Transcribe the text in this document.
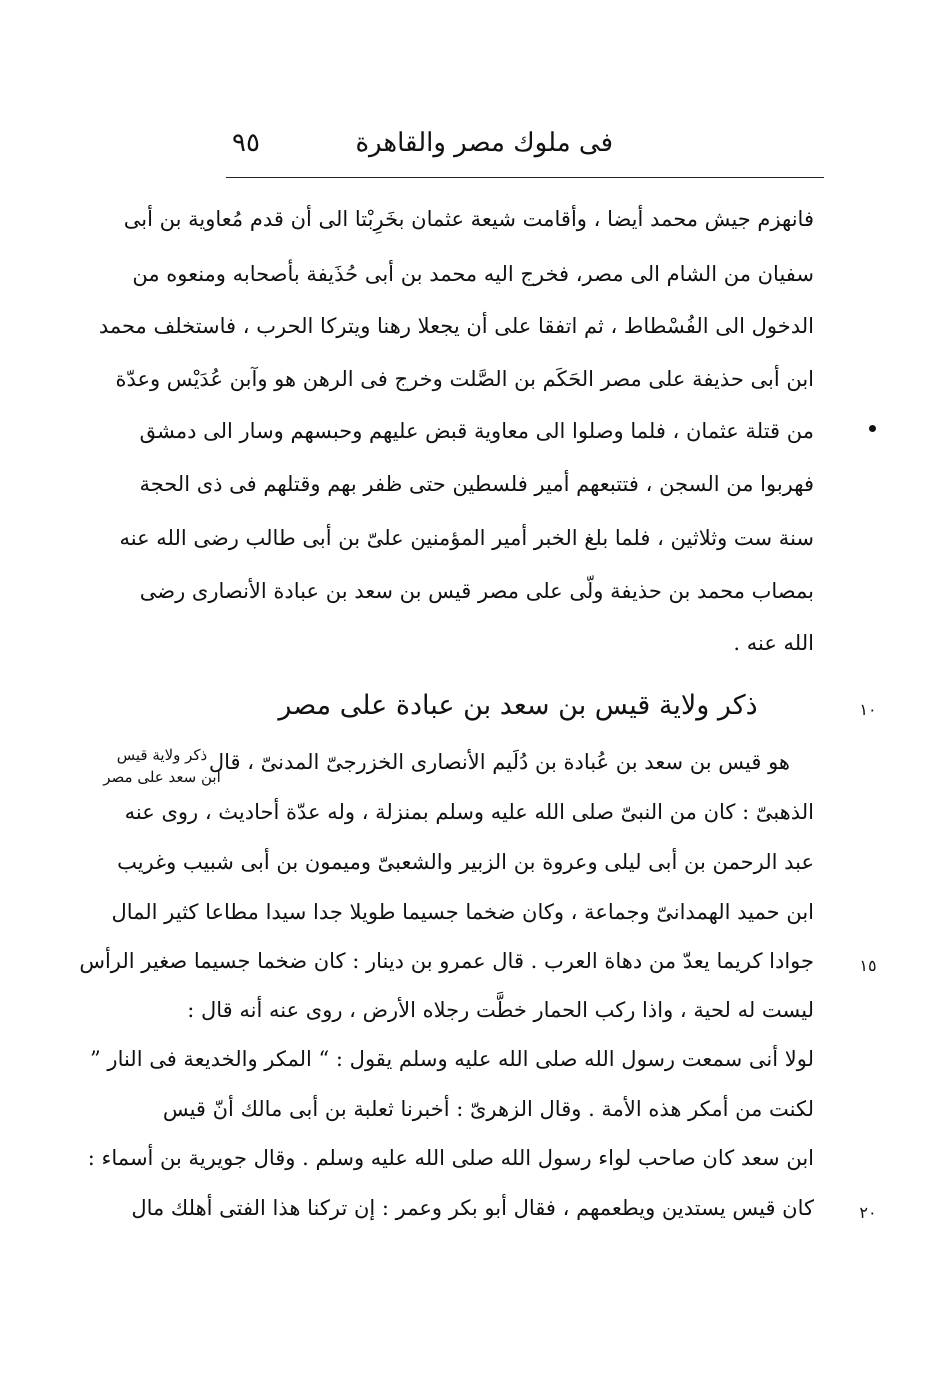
فى ملوك مصر والقاهرة
٩٥
فانهزم جيش محمد أيضا ، وأقامت شيعة عثمان بخَرِبْتا الى أن قدم مُعاوية بن أبى
سفيان من الشام الى مصر، فخرج اليه محمد بن أبى حُذَيفة بأصحابه ومنعوه من
الدخول الى الفُسْطاط ، ثم اتفقا على أن يجعلا رهنا ويتركا الحرب ، فاستخلف محمد
ابن أبى حذيفة على مصر الحَكَم بن الصَّلت وخرج فى الرهن هو وآبن عُدَيْس وعدّة
من قتلة عثمان ، فلما وصلوا الى معاوية قبض عليهم وحبسهم وسار الى دمشق
فهربوا من السجن ، فتتبعهم أمير فلسطين حتى ظفر بهم وقتلهم فى ذى الحجة
سنة ست وثلاثين ، فلما بلغ الخبر أمير المؤمنين علىّ بن أبى طالب رضى الله عنه
بمصاب محمد بن حذيفة ولّى على مصر قيس بن سعد بن عبادة الأنصارى رضى
الله عنه .
ذكر ولاية قيس بن سعد بن عبادة على مصر	١٠
ذكر ولاية قيس
ابن سعد على مصر
هو قيس بن سعد بن عُبادة بن دُلَيم الأنصارى الخزرجىّ المدنىّ ، قال
الذهبىّ : كان من النبىّ صلى الله عليه وسلم بمنزلة ، وله عدّة أحاديث ، روى عنه
عبد الرحمن بن أبى ليلى وعروة بن الزبير والشعبىّ وميمون بن أبى شبيب وغريب
ابن حميد الهمدانىّ وجماعة ، وكان ضخما جسيما طويلا جدا سيدا مطاعا كثير المال
جوادا كريما يعدّ من دهاة العرب . قال عمرو بن دينار : كان ضخما جسيما صغير الرأس
ليست له لحية ، واذا ركب الحمار خطَّت رجلاه الأرض ، روى عنه أنه قال :
لولا أنى سمعت رسول الله صلى الله عليه وسلم يقول : “ المكر والخديعة فى النار ”
لكنت من أمكر هذه الأمة . وقال الزهرىّ : أخبرنا ثعلبة بن أبى مالك أنّ قيس
ابن سعد كان صاحب لواء رسول الله صلى الله عليه وسلم . وقال جويرية بن أسماء :
كان قيس يستدين ويطعمهم ، فقال أبو بكر وعمر : إن تركنا هذا الفتى أهلك مال
١٥
٢٠
